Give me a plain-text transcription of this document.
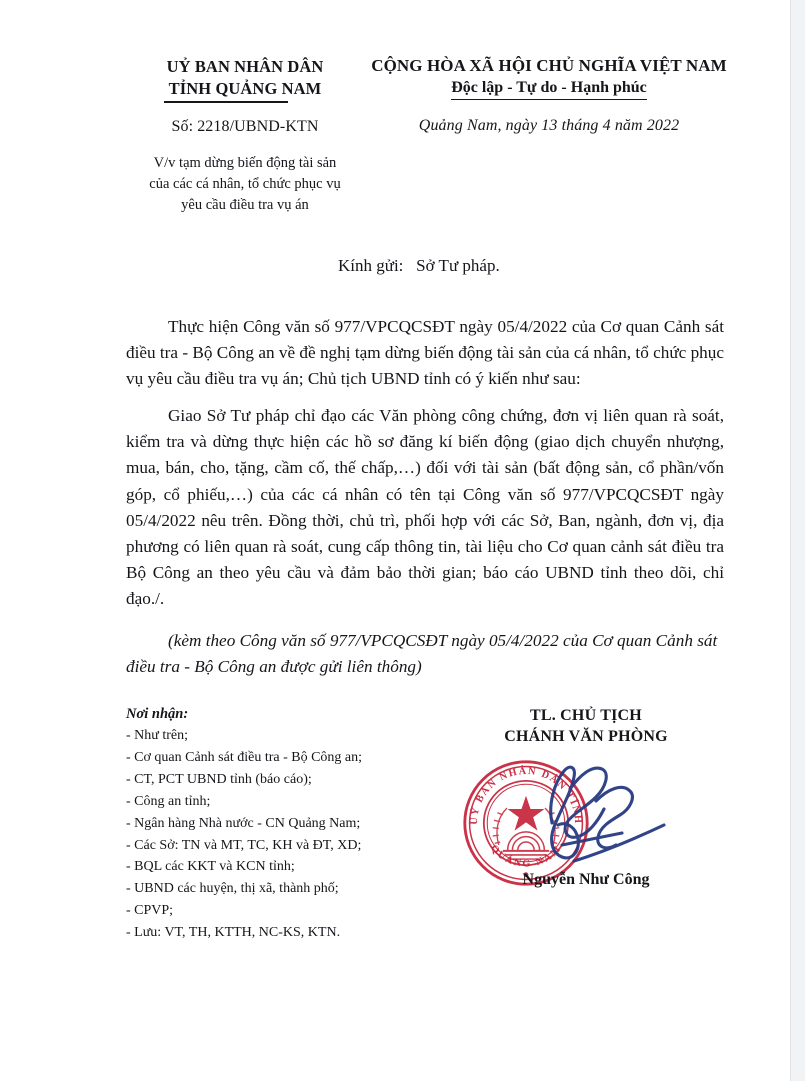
UỶ BAN NHÂN DÂN
TỈNH QUẢNG NAM
Số: 2218/UBND-KTN
V/v tạm dừng biến động tài sản
của các cá nhân, tổ chức phục vụ
yêu cầu điều tra vụ án
CỘNG HÒA XÃ HỘI CHỦ NGHĨA VIỆT NAM
Độc lập - Tự do - Hạnh phúc
Quảng Nam, ngày 13 tháng 4 năm 2022
Kính gửi: Sở Tư pháp.

Thực hiện Công văn số 977/VPCQCSĐT ngày 05/4/2022 của Cơ quan Cảnh sát điều tra - Bộ Công an về đề nghị tạm dừng biến động tài sản của cá nhân, tổ chức phục vụ yêu cầu điều tra vụ án; Chủ tịch UBND tỉnh có ý kiến như sau:

Giao Sở Tư pháp chỉ đạo các Văn phòng công chứng, đơn vị liên quan rà soát, kiểm tra và dừng thực hiện các hồ sơ đăng kí biến động (giao dịch chuyển nhượng, mua, bán, cho, tặng, cầm cố, thế chấp,…) đối với tài sản (bất động sản, cổ phần/vốn góp, cổ phiếu,…) của các cá nhân có tên tại Công văn số 977/VPCQCSĐT ngày 05/4/2022 nêu trên. Đồng thời, chủ trì, phối hợp với các Sở, Ban, ngành, đơn vị, địa phương có liên quan rà soát, cung cấp thông tin, tài liệu cho Cơ quan cảnh sát điều tra Bộ Công an theo yêu cầu và đảm bảo thời gian; báo cáo UBND tỉnh theo dõi, chỉ đạo./.

(kèm theo Công văn số 977/VPCQCSĐT ngày 05/4/2022 của Cơ quan Cảnh sát điều tra - Bộ Công an được gửi liên thông)

Nơi nhận:
- Như trên;
- Cơ quan Cảnh sát điều tra - Bộ Công an;
- CT, PCT UBND tỉnh (báo cáo);
- Công an tỉnh;
- Ngân hàng Nhà nước - CN Quảng Nam;
- Các Sở: TN và MT, TC, KH và ĐT, XD;
- BQL các KKT và KCN tỉnh;
- UBND các huyện, thị xã, thành phố;
- CPVP;
- Lưu: VT, TH, KTTH, NC-KS, KTN.
TL. CHỦ TỊCH
CHÁNH VĂN PHÒNG
UỶ BAN NHÂN DÂN TỈNH
QUẢNG NAM
Nguyễn Như Công
